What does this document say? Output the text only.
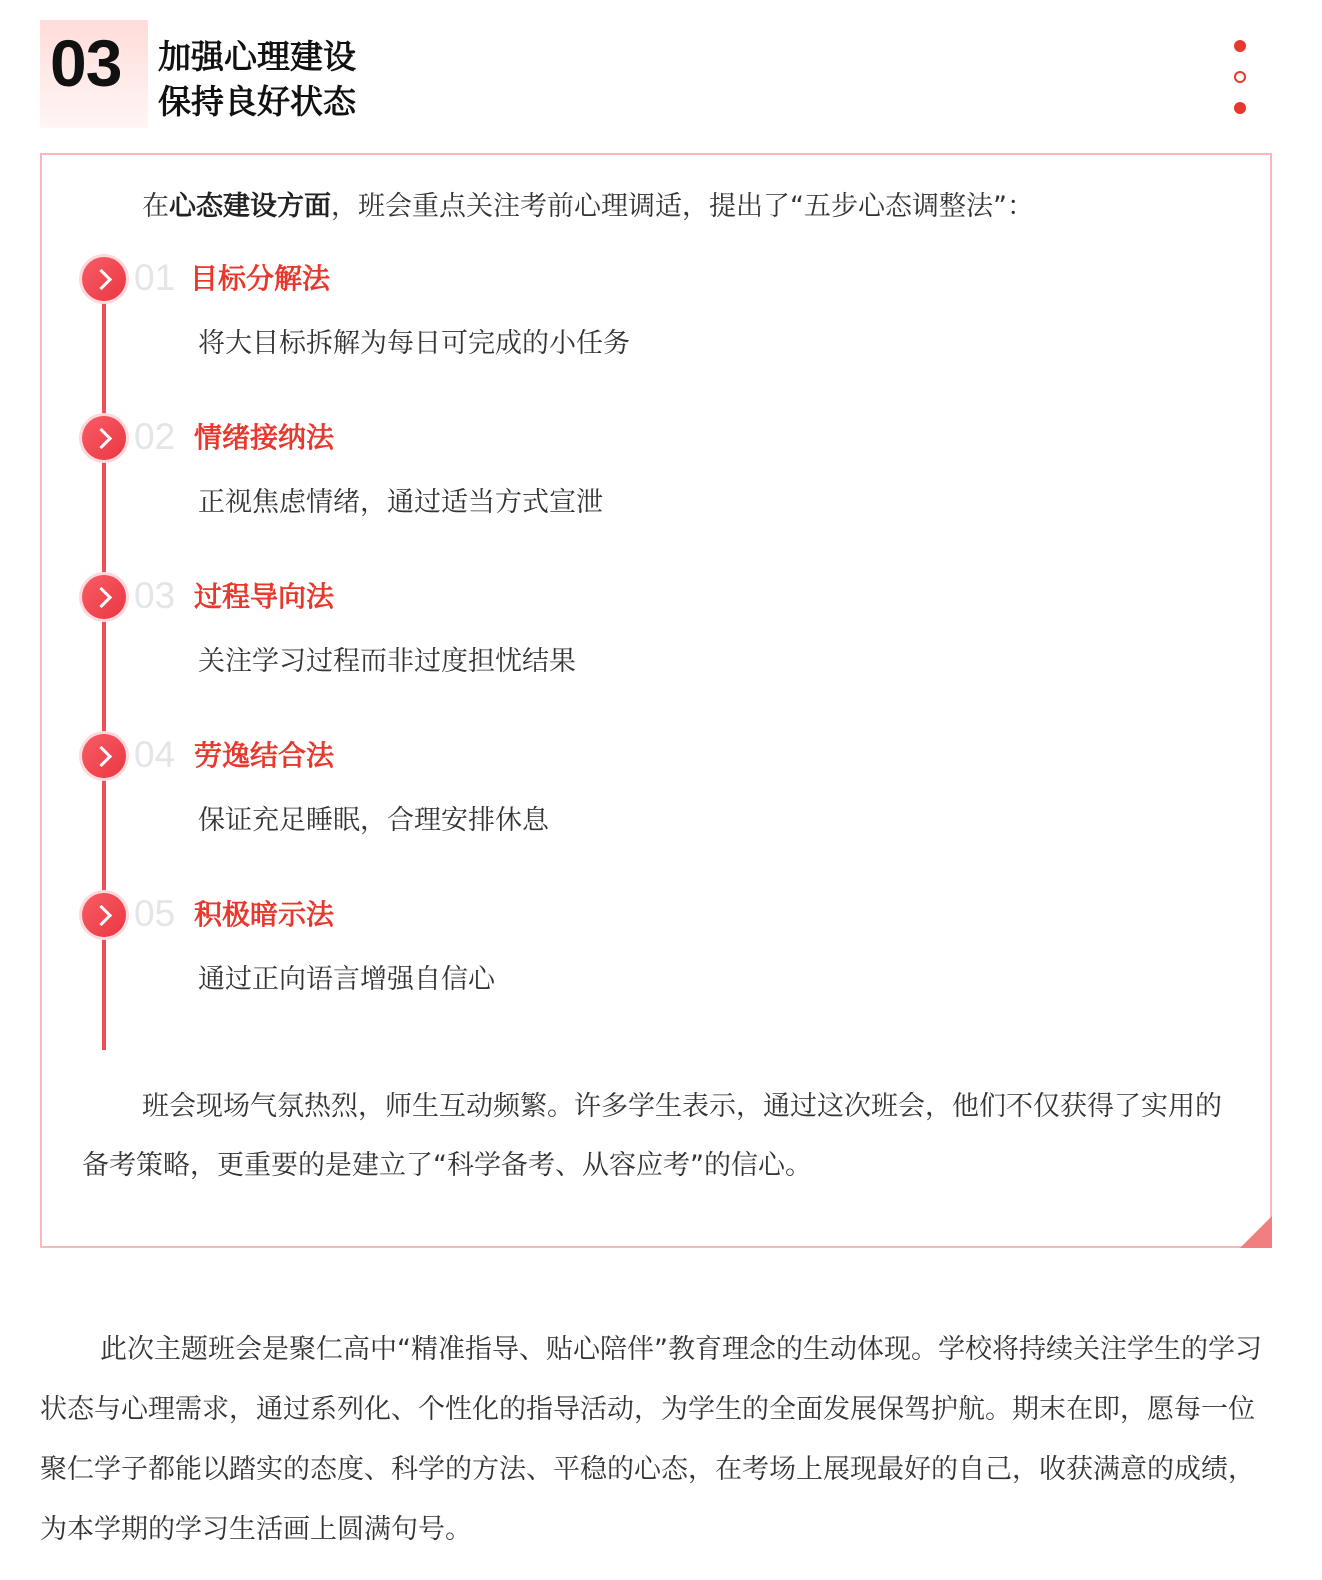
03 加强心理建设
保持良好状态
在心态建设方面，班会重点关注考前心理调适，提出了“五步心态调整法”：
01 目标分解法
将大目标拆解为每日可完成的小任务
02 情绪接纳法
正视焦虑情绪，通过适当方式宣泄
03 过程导向法
关注学习过程而非过度担忧结果
04 劳逸结合法
保证充足睡眠，合理安排休息
05 积极暗示法
通过正向语言增强自信心
班会现场气氛热烈，师生互动频繁。许多学生表示，通过这次班会，他们不仅获得了实用的备考策略，更重要的是建立了“科学备考、从容应考”的信心。
此次主题班会是聚仁高中“精准指导、贴心陪伴”教育理念的生动体现。学校将持续关注学生的学习状态与心理需求，通过系列化、个性化的指导活动，为学生的全面发展保驾护航。期末在即，愿每一位聚仁学子都能以踏实的态度、科学的方法、平稳的心态，在考场上展现最好的自己，收获满意的成绩，为本学期的学习生活画上圆满句号。
